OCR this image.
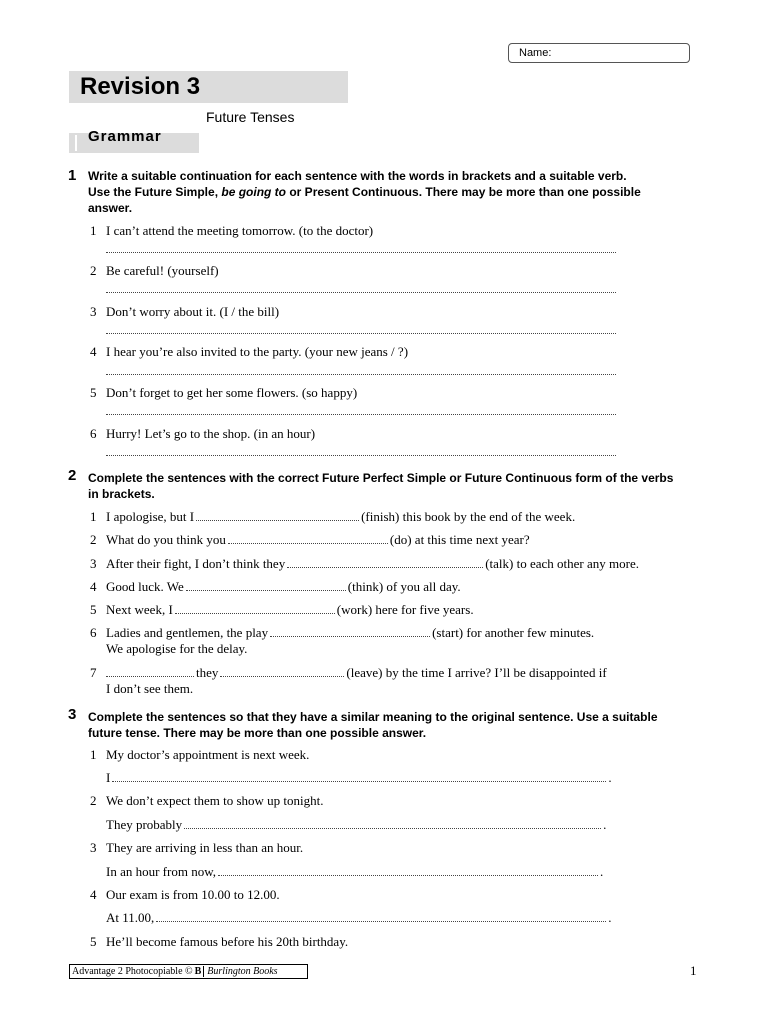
Name:
Revision 3
Future Tenses
Grammar
1 Write a suitable continuation for each sentence with the words in brackets and a suitable verb.
Use the Future Simple, be going to or Present Continuous. There may be more than one possible
answer.
1 I can’t attend the meeting tomorrow. (to the doctor)
2 Be careful! (yourself)
3 Don’t worry about it. (I / the bill)
4 I hear you’re also invited to the party. (your new jeans / ?)
5 Don’t forget to get her some flowers. (so happy)
6 Hurry! Let’s go to the shop. (in an hour)
2 Complete the sentences with the correct Future Perfect Simple or Future Continuous form of the verbs
in brackets.
1 I apologise, but I	(finish) this book by the end of the week.
2 What do you think you	(do) at this time next year?
3 After their fight, I don’t think they	(talk) to each other any more.
4 Good luck. We	(think) of you all day.
5 Next week, I	(work) here for five years.
6 Ladies and gentlemen, the play	(start) for another few minutes.
We apologise for the delay.
7	they	(leave) by the time I arrive? I’ll be disappointed if
I don’t see them.
3 Complete the sentences so that they have a similar meaning to the original sentence. Use a suitable
future tense. There may be more than one possible answer.
1 My doctor’s appointment is next week.
I	.
2 We don’t expect them to show up tonight.
They probably	.
3 They are arriving in less than an hour.
In an hour from now,	.
4 Our exam is from 10.00 to 12.00.
At 11.00,	.
5 He’ll become famous before his 20th birthday.
Advantage 2 Photocopiable © B Burlington Books	1
